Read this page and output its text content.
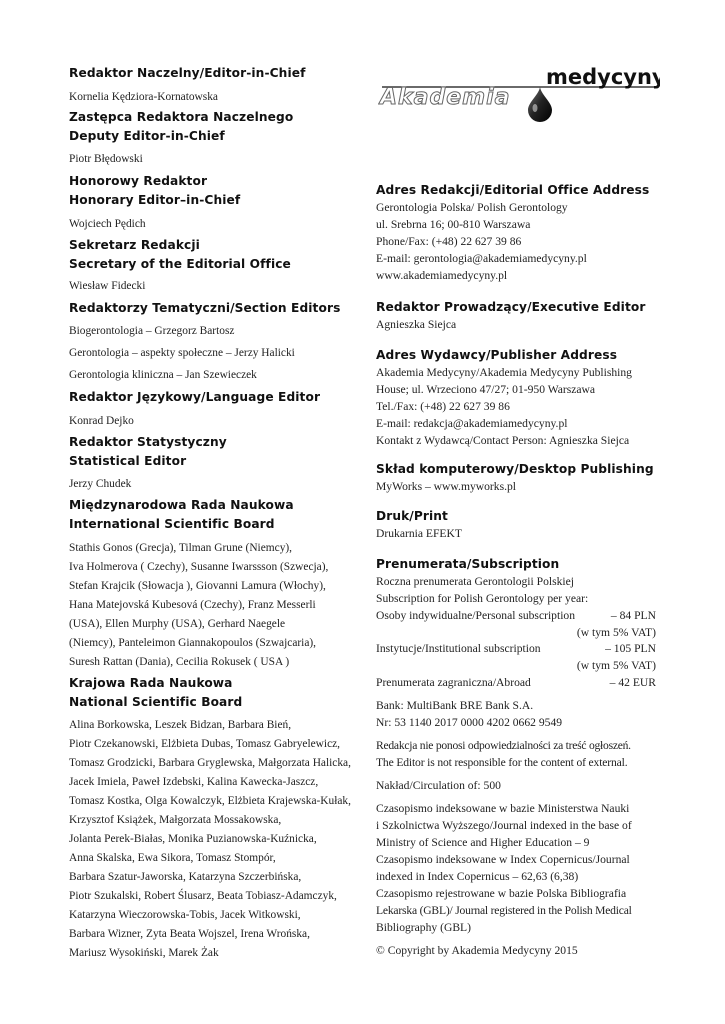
medycyny
Akademia
Redaktor Naczelny/Editor-in-Chief
Kornelia Kędziora-Kornatowska
Zastępca Redaktora Naczelnego
Deputy Editor-in-Chief
Piotr Błędowski
Honorowy Redaktor
Honorary Editor–in-Chief
Wojciech Pędich
Sekretarz Redakcji
Secretary of the Editorial Office
Wiesław Fidecki
Redaktorzy Tematyczni/Section Editors
Biogerontologia – Grzegorz Bartosz
Gerontologia – aspekty społeczne – Jerzy Halicki
Gerontologia kliniczna – Jan Szewieczek
Redaktor Językowy/Language Editor
Konrad Dejko
Redaktor Statystyczny
Statistical Editor
Jerzy Chudek
Międzynarodowa Rada Naukowa
International Scientific Board
Stathis Gonos (Grecja), Tilman Grune (Niemcy),
Iva Holmerova ( Czechy), Susanne Iwarssson (Szwecja),
Stefan Krajcik (Słowacja ), Giovanni Lamura (Włochy),
Hana Matejovská Kubesová (Czechy), Franz Messerli
(USA), Ellen Murphy (USA), Gerhard Naegele
(Niemcy), Panteleimon Giannakopoulos (Szwajcaria),
Suresh Rattan (Dania), Cecilia Rokusek ( USA )
Krajowa Rada Naukowa
National Scientific Board
Alina Borkowska, Leszek Bidzan, Barbara Bień,
Piotr Czekanowski, Elżbieta Dubas, Tomasz Gabryelewicz,
Tomasz Grodzicki, Barbara Gryglewska, Małgorzata Halicka,
Jacek Imiela, Paweł Izdebski, Kalina Kawecka-Jaszcz,
Tomasz Kostka, Olga Kowalczyk, Elżbieta Krajewska-Kułak,
Krzysztof Książek, Małgorzata Mossakowska,
Jolanta Perek-Białas, Monika Puzianowska-Kuźnicka,
Anna Skalska, Ewa Sikora, Tomasz Stompór,
Barbara Szatur-Jaworska, Katarzyna Szczerbińska,
Piotr Szukalski, Robert Ślusarz, Beata Tobiasz-Adamczyk,
Katarzyna Wieczorowska-Tobis, Jacek Witkowski,
Barbara Wizner, Zyta Beata Wojszel, Irena Wrońska,
Mariusz Wysokiński, Marek Żak
Adres Redakcji/Editorial Office Address
Gerontologia Polska/ Polish Gerontology
ul. Srebrna 16; 00-810 Warszawa
Phone/Fax: (+48) 22 627 39 86
E-mail: gerontologia@akademiamedycyny.pl
www.akademiamedycyny.pl
Redaktor Prowadzący/Executive Editor
Agnieszka Siejca
Adres Wydawcy/Publisher Address
Akademia Medycyny/Akademia Medycyny Publishing
House; ul. Wrzeciono 47/27; 01-950 Warszawa
Tel./Fax: (+48) 22 627 39 86
E-mail: redakcja@akademiamedycyny.pl
Kontakt z Wydawcą/Contact Person: Agnieszka Siejca
Skład komputerowy/Desktop Publishing
MyWorks – www.myworks.pl
Druk/Print
Drukarnia EFEKT
Prenumerata/Subscription
Roczna prenumerata Gerontologii Polskiej
Subscription for Polish Gerontology per year:
Osoby indywidualne/Personal subscription	– 84 PLN
(w tym 5% VAT)
Instytucje/Institutional subscription	– 105 PLN
(w tym 5% VAT)
Prenumerata zagraniczna/Abroad	– 42 EUR
Bank: MultiBank BRE Bank S.A.
Nr: 53 1140 2017 0000 4202 0662 9549
Redakcja nie ponosi odpowiedzialności za treść ogłoszeń.
The Editor is not responsible for the content of external.
Nakład/Circulation of: 500
Czasopismo indeksowane w bazie Ministerstwa Nauki
i Szkolnictwa Wyższego/Journal indexed in the base of
Ministry of Science and Higher Education – 9
Czasopismo indeksowane w Index Copernicus/Journal
indexed in Index Copernicus – 62,63 (6,38)
Czasopismo rejestrowane w bazie Polska Bibliografia
Lekarska (GBL)/ Journal registered in the Polish Medical
Bibliography (GBL)
© Copyright by Akademia Medycyny 2015
